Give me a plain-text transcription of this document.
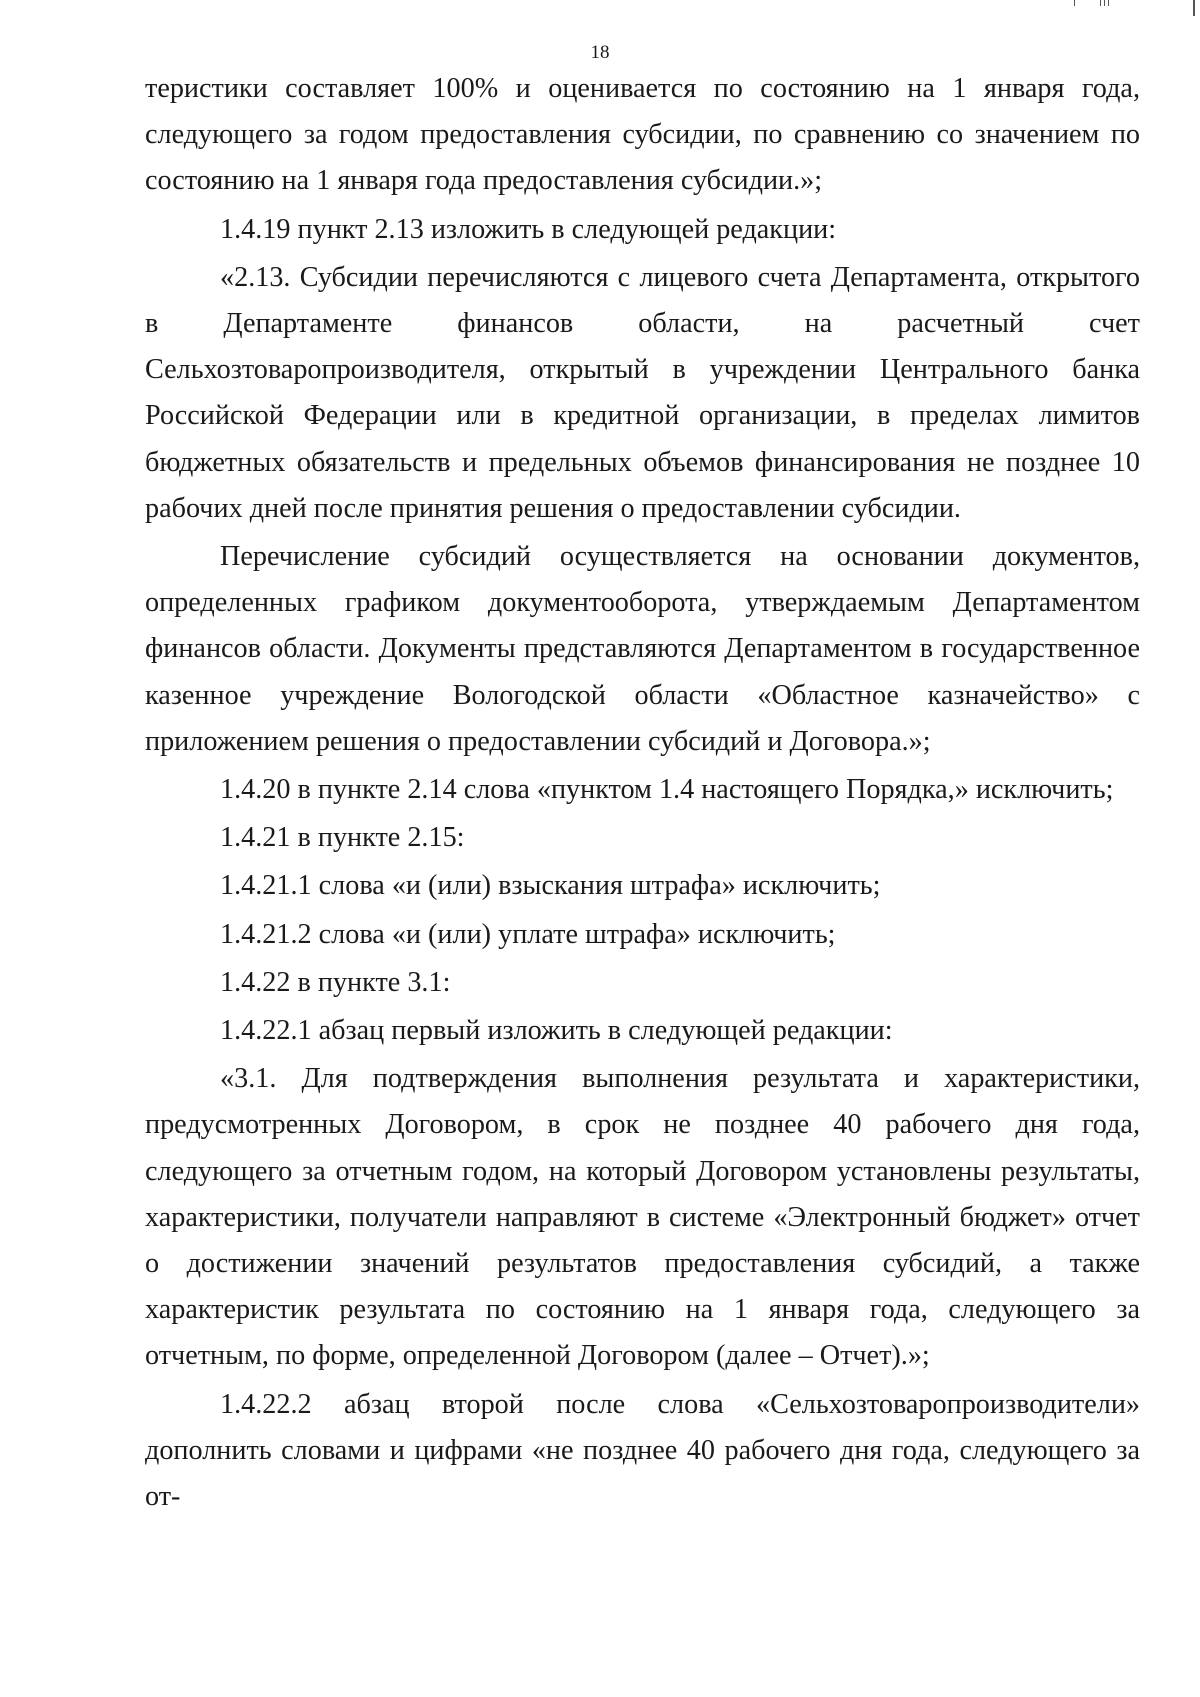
18

теристики составляет 100% и оценивается по состоянию на 1 января года, следующего за годом предоставления субсидии, по сравнению со значением по состоянию на 1 января года предоставления субсидии.»;

1.4.19 пункт 2.13 изложить в следующей редакции:

«2.13. Субсидии перечисляются с лицевого счета Департамента, открытого в Департаменте финансов области, на расчетный счет Сельхозтоваропроизводителя, открытый в учреждении Центрального банка Российской Федерации или в кредитной организации, в пределах лимитов бюджетных обязательств и предельных объемов финансирования не позднее 10 рабочих дней после принятия решения о предоставлении субсидии.

Перечисление субсидий осуществляется на основании документов, определенных графиком документооборота, утверждаемым Департаментом финансов области. Документы представляются Департаментом в государственное казенное учреждение Вологодской области «Областное казначейство» с приложением решения о предоставлении субсидий и Договора.»;

1.4.20 в пункте 2.14 слова «пунктом 1.4 настоящего Порядка,» исключить;

1.4.21 в пункте 2.15:

1.4.21.1 слова «и (или) взыскания штрафа» исключить;

1.4.21.2 слова «и (или) уплате штрафа» исключить;

1.4.22 в пункте 3.1:

1.4.22.1 абзац первый изложить в следующей редакции:

«3.1. Для подтверждения выполнения результата и характеристики, предусмотренных Договором, в срок не позднее 40 рабочего дня года, следующего за отчетным годом, на который Договором установлены результаты, характеристики, получатели направляют в системе «Электронный бюджет» отчет о достижении значений результатов предоставления субсидий, а также характеристик результата по состоянию на 1 января года, следующего за отчетным, по форме, определенной Договором (далее – Отчет).»;

1.4.22.2 абзац второй после слова «Сельхозтоваропроизводители» дополнить словами и цифрами «не позднее 40 рабочего дня года, следующего за от-
